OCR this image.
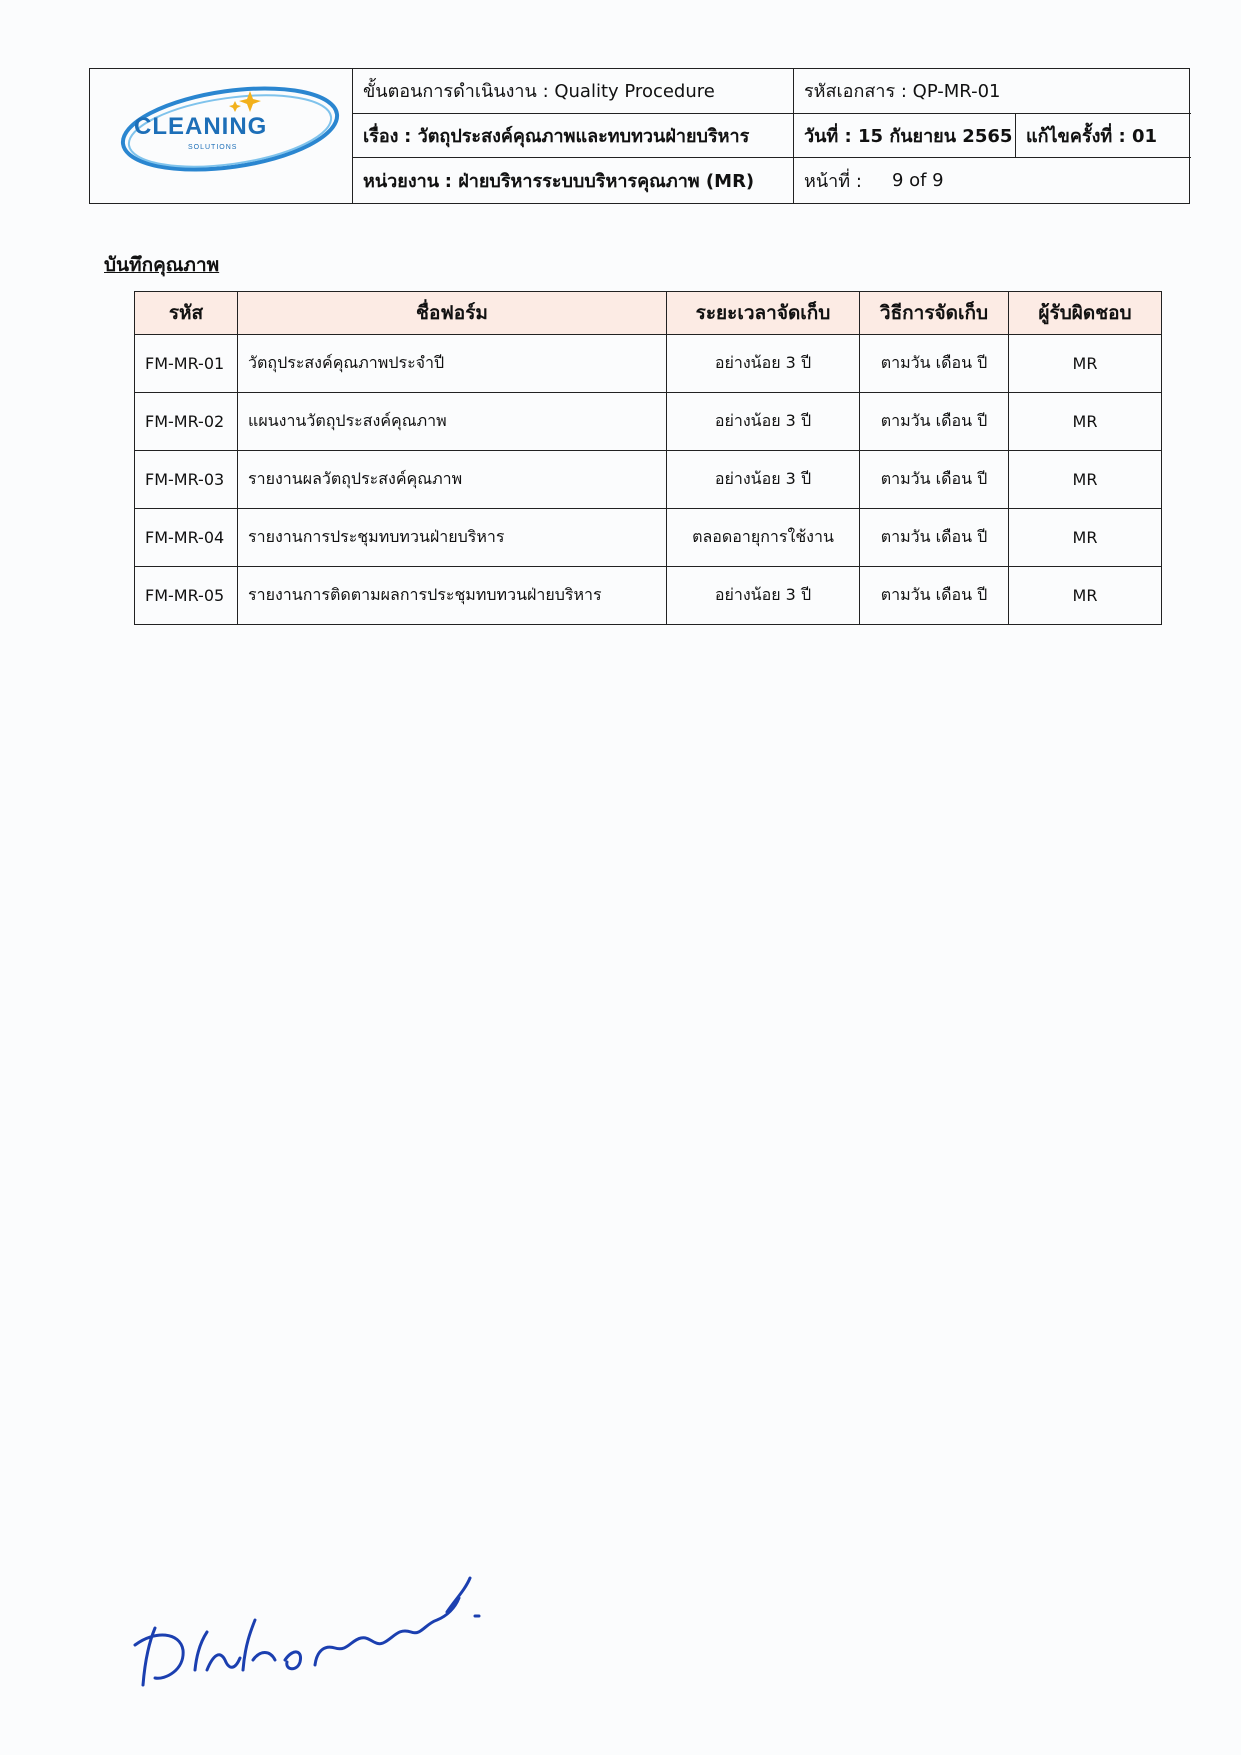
CLEANING
SOLUTIONS
ขั้นตอนการดำเนินงาน : Quality Procedure	รหัสเอกสาร : QP-MR-01
เรื่อง
: วัตถุประสงค์คุณภาพและทบทวนฝ่ายบริหาร	วันที่ : 15 กันยายน 2565 แก้ไขครั้งที่ : 01
หน่วยงาน
: ฝ่ายบริหารระบบบริหารคุณภาพ (MR)	หน้าที่ : 9 of 9
บันทึกคุณภาพ
รหัส	ชื่อฟอร์ม	ระยะเวลาจัดเก็บ	วิธีการจัดเก็บ	ผู้รับผิดชอบ
FM-MR-01	วัตถุประสงค์คุณภาพประจำปี	อย่างน้อย 3 ปี	ตามวัน เดือน ปี	MR
FM-MR-02	แผนงานวัตถุประสงค์คุณภาพ	อย่างน้อย 3 ปี	ตามวัน เดือน ปี	MR
FM-MR-03	รายงานผลวัตถุประสงค์คุณภาพ	อย่างน้อย 3 ปี	ตามวัน เดือน ปี	MR
FM-MR-04	รายงานการประชุมทบทวนฝ่ายบริหาร	ตลอดอายุการใช้งาน	ตามวัน เดือน ปี	MR
FM-MR-05	รายงานการติดตามผลการประชุมทบทวนฝ่ายบริหาร	อย่างน้อย 3 ปี	ตามวัน เดือน ปี	MR
